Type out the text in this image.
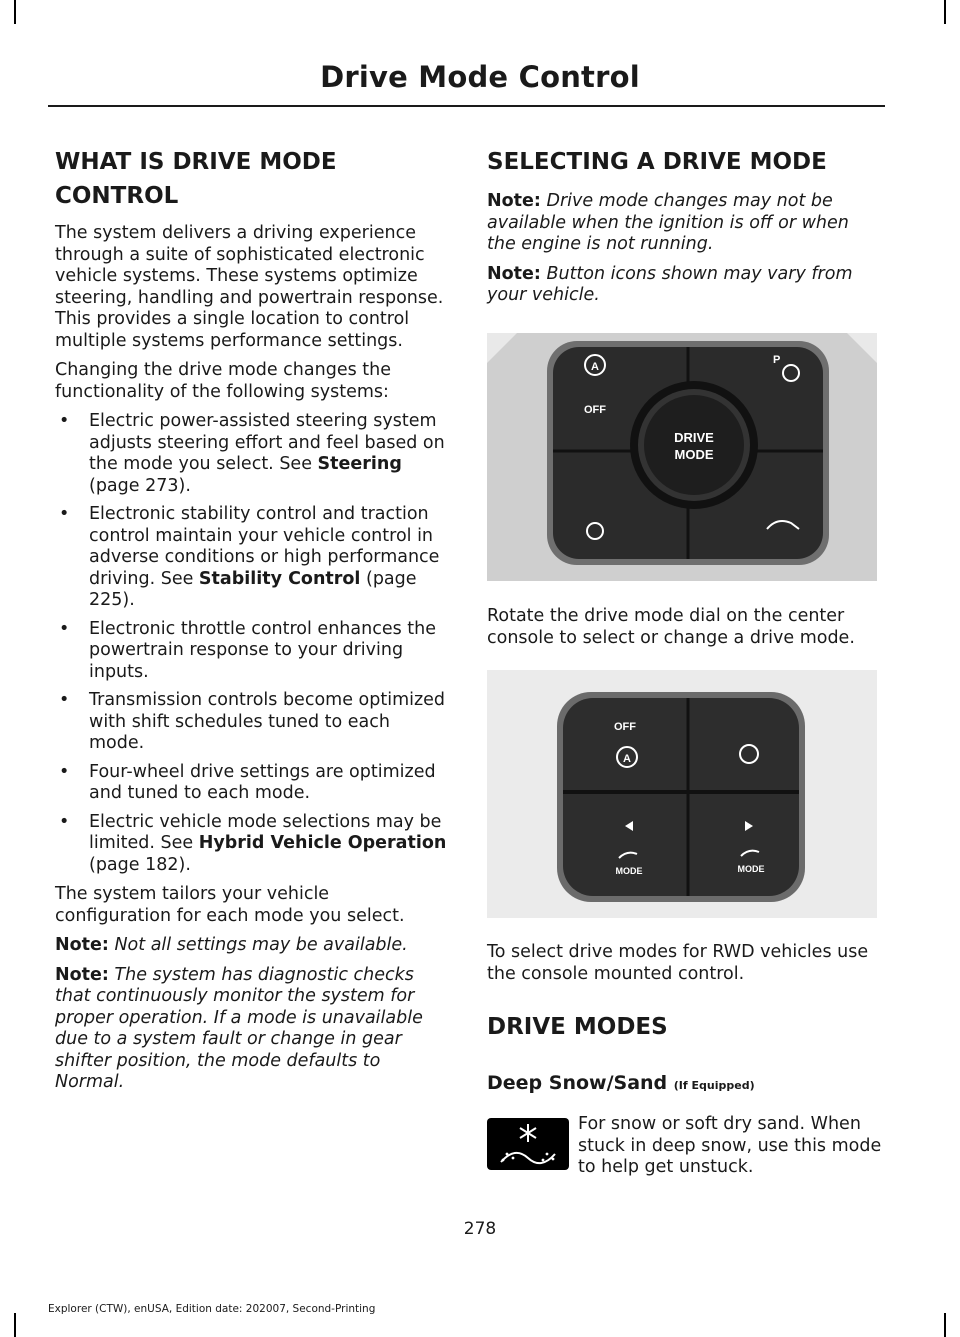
Drive Mode Control
WHAT IS DRIVE MODE
CONTROL

The system delivers a driving experience through a suite of sophisticated electronic vehicle systems. These systems optimize steering, handling and powertrain response. This provides a single location to control multiple systems performance settings.

Changing the drive mode changes the functionality of the following systems:

• Electric power-assisted steering system adjusts steering effort and feel based on the mode you select. See Steering (page 273).
• Electronic stability control and traction control maintain your vehicle control in adverse conditions or high performance driving. See Stability Control (page 225).
• Electronic throttle control enhances the powertrain response to your driving inputs.
• Transmission controls become optimized with shift schedules tuned to each mode.
• Four-wheel drive settings are optimized and tuned to each mode.
• Electric vehicle mode selections may be limited. See Hybrid Vehicle Operation (page 182).

The system tailors your vehicle configuration for each mode you select.

Note: Not all settings may be available.

Note: The system has diagnostic checks that continuously monitor the system for proper operation. If a mode is unavailable due to a system fault or change in gear shifter position, the mode defaults to Normal.

SELECTING A DRIVE MODE

Note: Drive mode changes may not be available when the ignition is off or when the engine is not running.

Note: Button icons shown may vary from your vehicle.

DRIVE
MODE
A
OFF
P

Rotate the drive mode dial on the center console to select or change a drive mode.

OFF
A
MODE	MODE

To select drive modes for RWD vehicles use the console mounted control.

DRIVE MODES
Deep Snow/Sand (If Equipped)
For snow or soft dry sand. When stuck in deep snow, use this mode to help get unstuck.
278
Explorer (CTW), enUSA, Edition date: 202007, Second-Printing
